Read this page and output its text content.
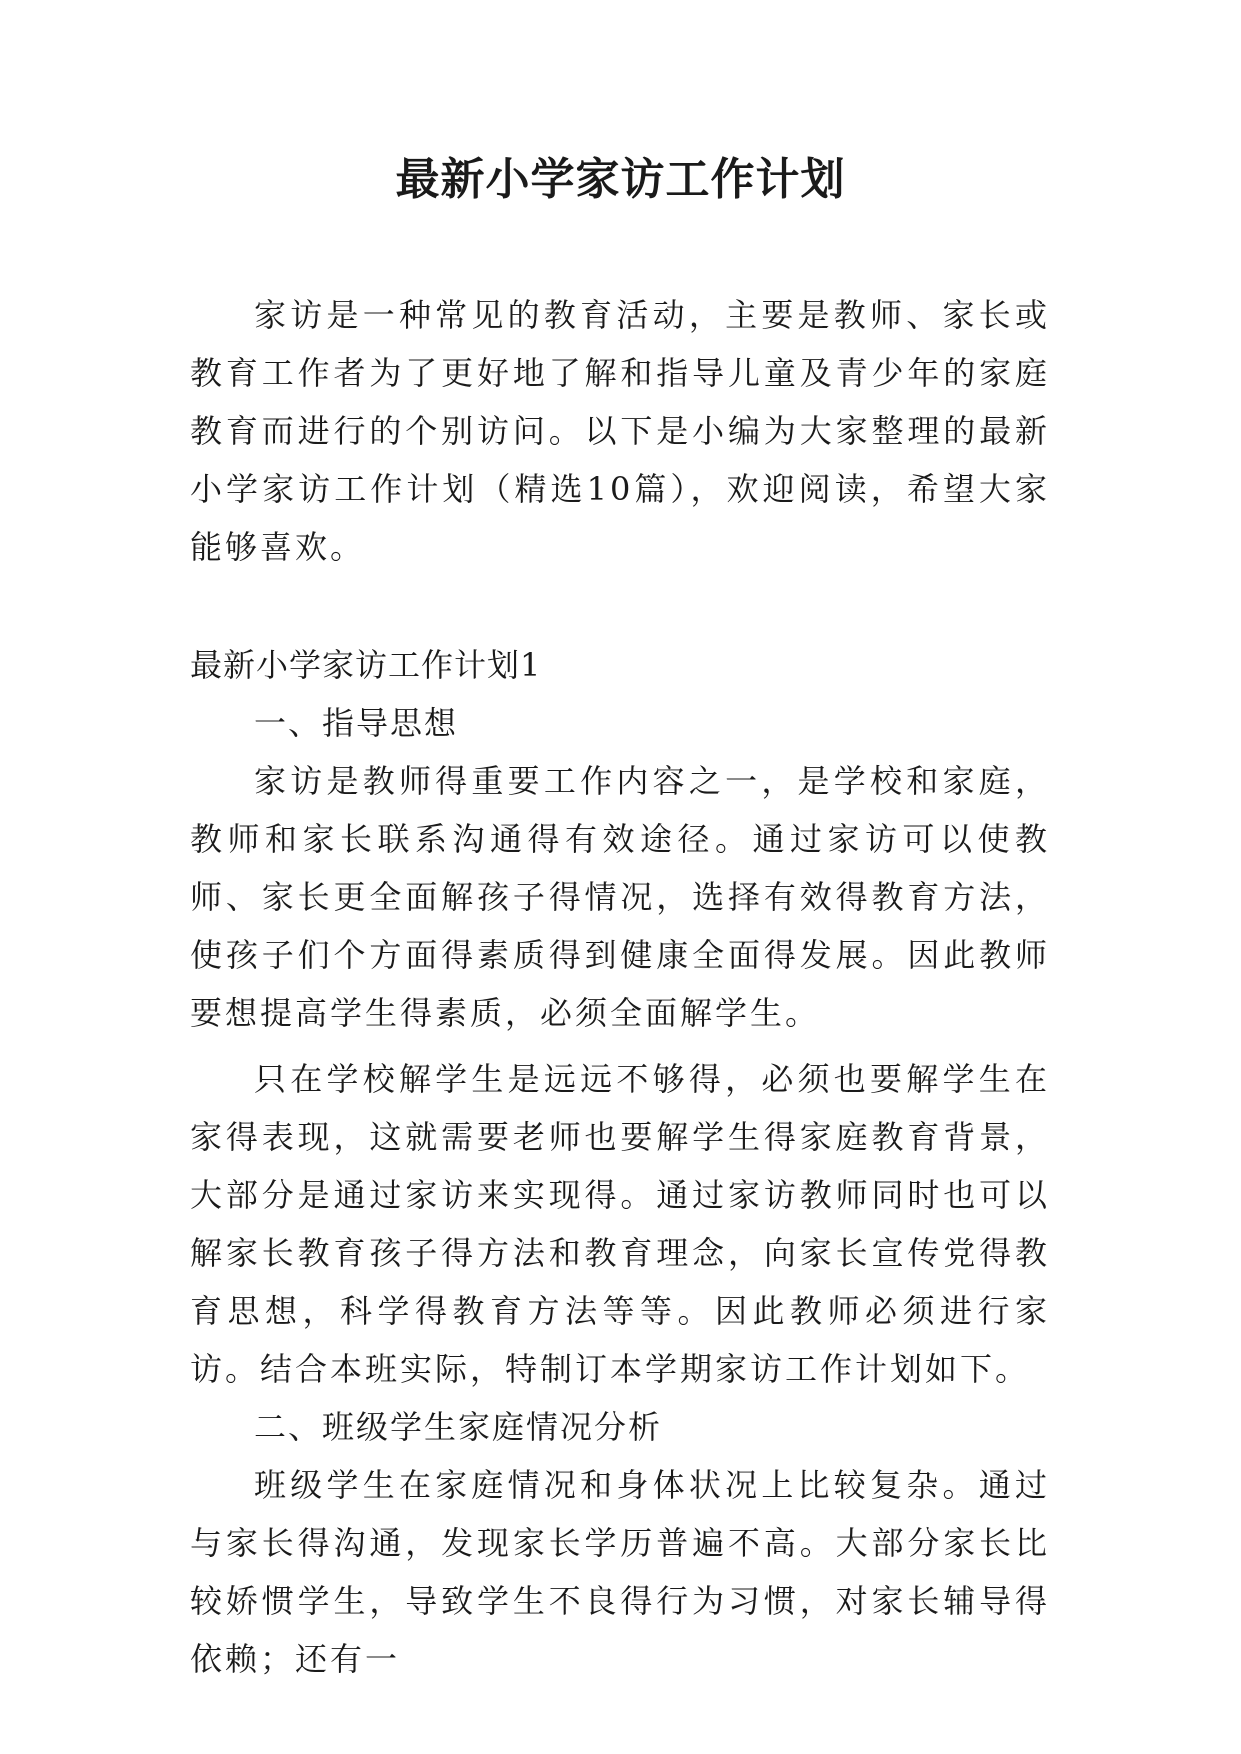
最新小学家访工作计划

家访是一种常见的教育活动，主要是教师、家长或教育工作者为了更好地了解和指导儿童及青少年的家庭教育而进行的个别访问。以下是小编为大家整理的最新小学家访工作计划（精选10篇），欢迎阅读，希望大家能够喜欢。

最新小学家访工作计划1

一、指导思想

家访是教师得重要工作内容之一，是学校和家庭，教师和家长联系沟通得有效途径。通过家访可以使教师、家长更全面解孩子得情况，选择有效得教育方法，使孩子们个方面得素质得到健康全面得发展。因此教师要想提高学生得素质，必须全面解学生。

只在学校解学生是远远不够得，必须也要解学生在家得表现，这就需要老师也要解学生得家庭教育背景，大部分是通过家访来实现得。通过家访教师同时也可以解家长教育孩子得方法和教育理念，向家长宣传党得教育思想，科学得教育方法等等。因此教师必须进行家访。结合本班实际，特制订本学期家访工作计划如下。

二、班级学生家庭情况分析

班级学生在家庭情况和身体状况上比较复杂。通过与家长得沟通，发现家长学历普遍不高。大部分家长比较娇惯学生，导致学生不良得行为习惯，对家长辅导得依赖；还有一
